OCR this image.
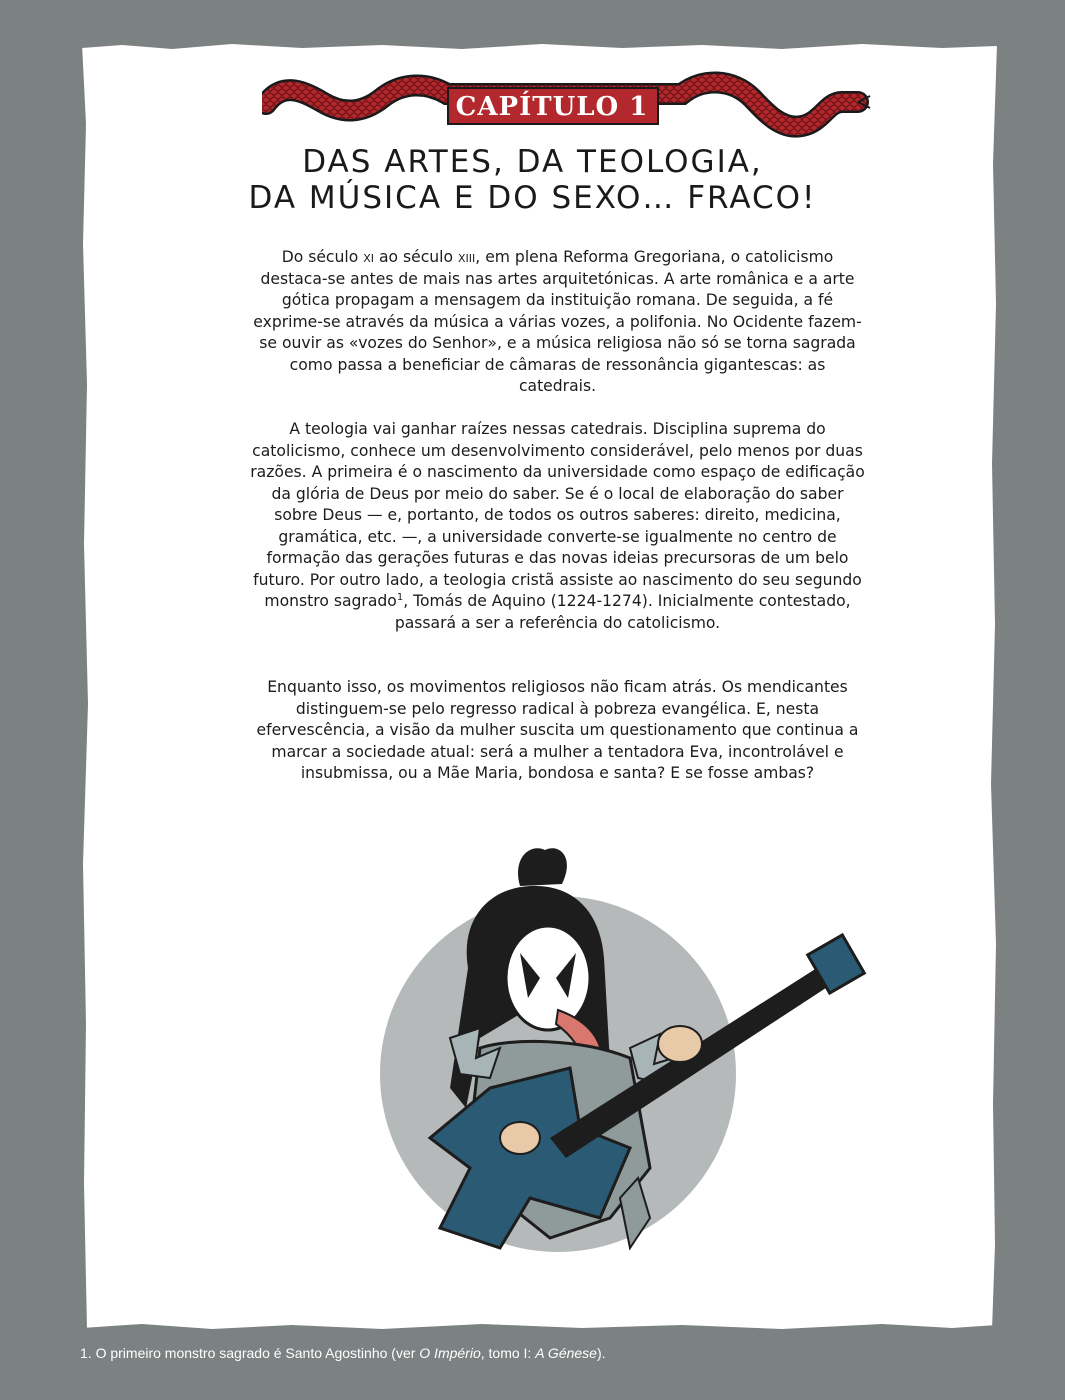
CAPÍTULO 1
DAS ARTES, DA TEOLOGIA,
DA MÚSICA E DO SEXO… FRACO!
Do século xi ao século xiii, em plena Reforma Gregoriana, o catolicismo destaca-se antes de mais nas artes arquitetónicas. A arte românica e a arte gótica propagam a mensagem da instituição romana. De seguida, a fé exprime-se através da música a várias vozes, a polifonia. No Ocidente fazem-se ouvir as «vozes do Senhor», e a música religiosa não só se torna sagrada como passa a beneficiar de câmaras de ressonância gigantescas: as catedrais.
A teologia vai ganhar raízes nessas catedrais. Disciplina suprema do catolicismo, conhece um desenvolvimento considerável, pelo menos por duas razões. A primeira é o nascimento da universidade como espaço de edificação da glória de Deus por meio do saber. Se é o local de elaboração do saber sobre Deus — e, portanto, de todos os outros saberes: direito, medicina, gramática, etc. —, a universidade converte-se igualmente no centro de formação das gerações futuras e das novas ideias precursoras de um belo futuro. Por outro lado, a teologia cristã assiste ao nascimento do seu segundo monstro sagrado$^1$, Tomás de Aquino (1224-1274). Inicialmente contestado, passará a ser a referência do catolicismo.
Enquanto isso, os movimentos religiosos não ficam atrás. Os mendicantes distinguem-se pelo regresso radical à pobreza evangélica. E, nesta efervescência, a visão da mulher suscita um questionamento que continua a marcar a sociedade atual: será a mulher a tentadora Eva, incontrolável e insubmissa, ou a Mãe Maria, bondosa e santa? E se fosse ambas?
1. O primeiro monstro sagrado é Santo Agostinho (ver O Império, tomo I: A Génese).
